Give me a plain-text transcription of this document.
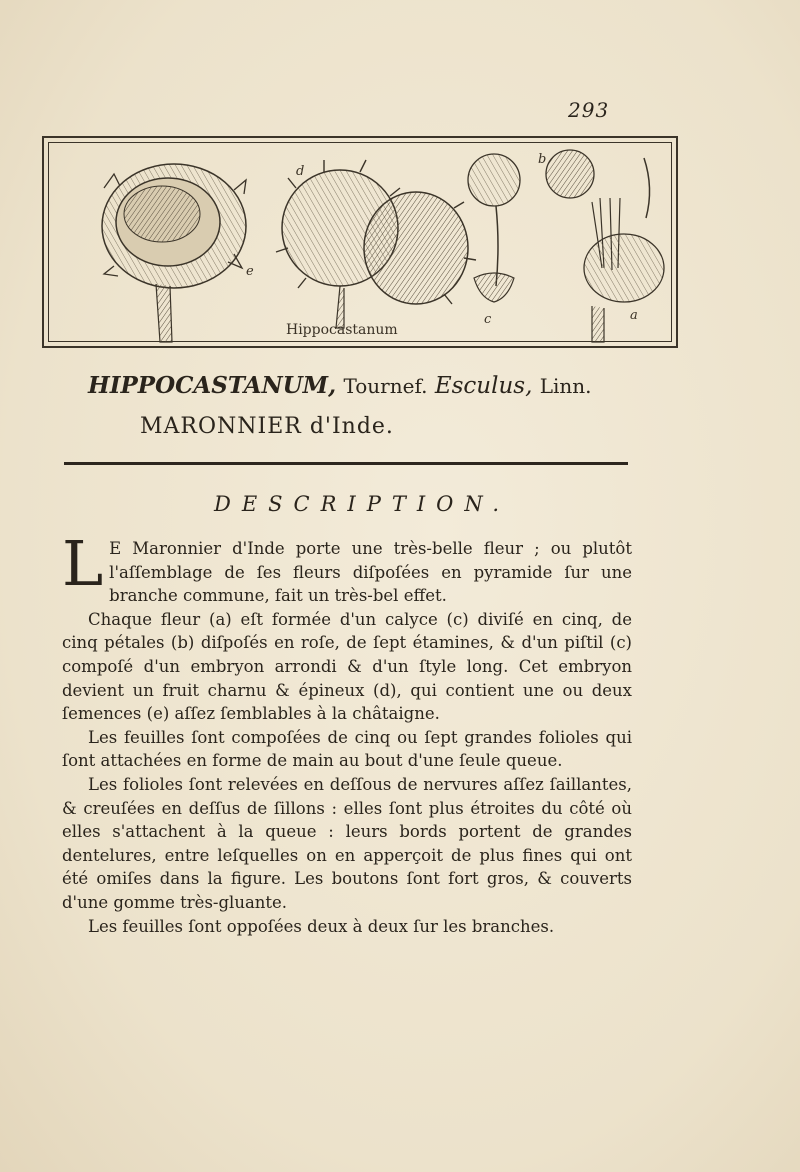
293
d
e
b
c	a
Hippocastanum
HIPPOCASTANUM, Tournef. Esculus, Linn.
MARONNIER d'Inde.
DESCRIPTION.

L E Maronnier d'Inde porte une très-belle fleur ; ou plutôt l'aſſemblage de ſes fleurs diſpoſées en pyramide ſur une branche commune, fait un très-bel effet.

Chaque fleur (a) eſt formée d'un calyce (c) diviſé en cinq, de cinq pétales (b) diſpoſés en roſe, de ſept étamines, & d'un piſtil (c) compoſé d'un embryon arrondi & d'un ſtyle long. Cet embryon devient un fruit charnu & épineux (d), qui contient une ou deux ſemences (e) aſſez ſemblables à la châtaigne.

Les feuilles ſont compoſées de cinq ou ſept grandes folioles qui ſont attachées en forme de main au bout d'une ſeule queue.

Les folioles ſont relevées en deſſous de nervures aſſez ſaillantes, & creuſées en deſſus de ſillons : elles ſont plus étroites du côté où elles s'attachent à la queue : leurs bords portent de grandes dentelures, entre leſquelles on en apperçoit de plus fines qui ont été omiſes dans la figure. Les boutons ſont fort gros, & couverts d'une gomme très-gluante.

Les feuilles ſont oppoſées deux à deux ſur les branches.
